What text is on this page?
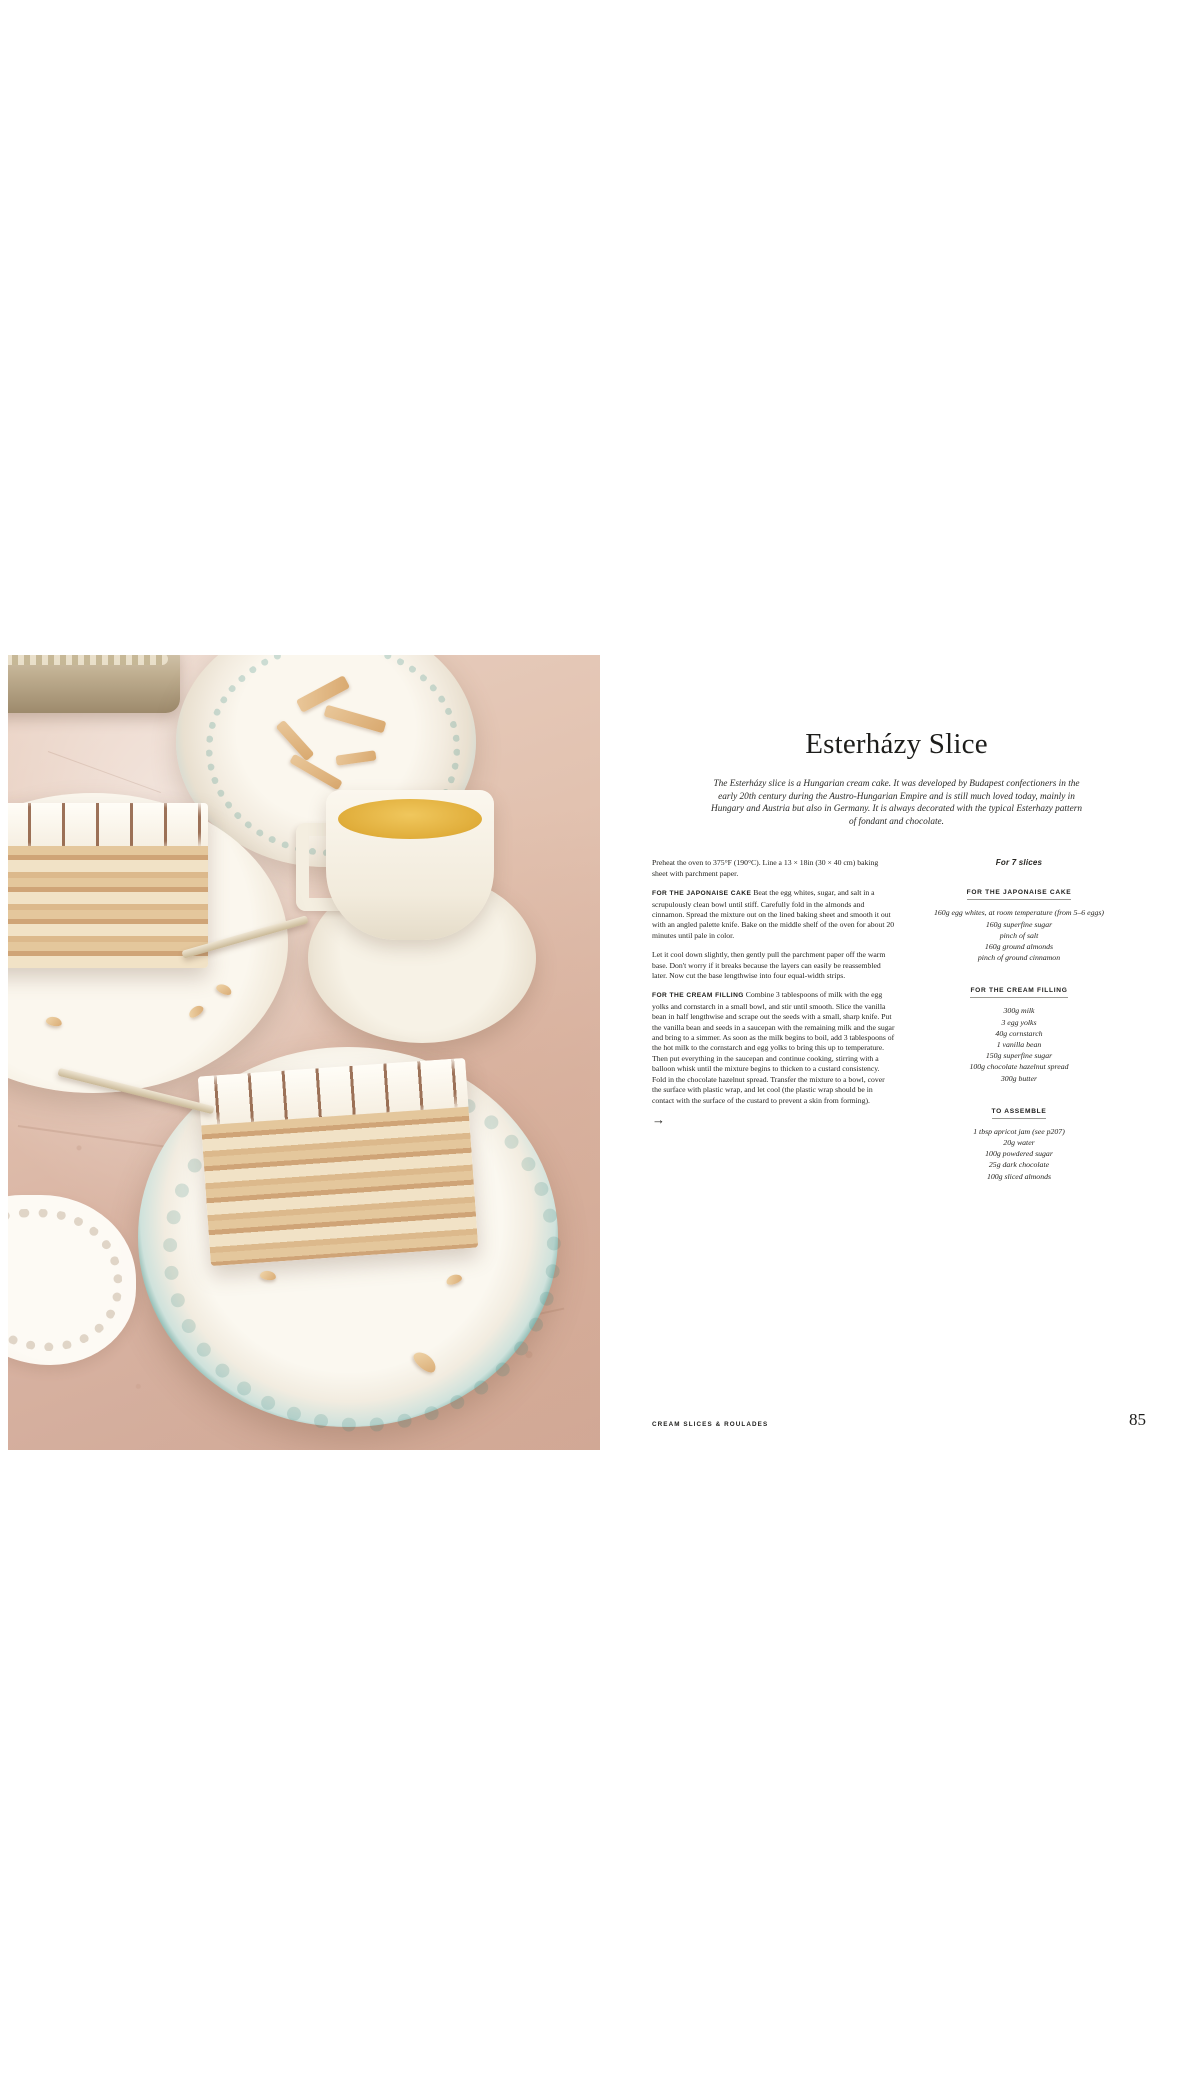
Esterházy Slice

The Esterházy slice is a Hungarian cream cake. It was developed by Budapest confectioners in the early 20th century during the Austro-Hungarian Empire and is still much loved today, mainly in Hungary and Austria but also in Germany. It is always decorated with the typical Esterhazy pattern of fondant and chocolate.

Preheat the oven to 375°F (190°C). Line a 13 × 18in (30 × 40 cm) baking sheet with parchment paper.

FOR THE JAPONAISE CAKE Beat the egg whites, sugar, and salt in a scrupulously clean bowl until stiff. Carefully fold in the almonds and cinnamon. Spread the mixture out on the lined baking sheet and smooth it out with an angled palette knife. Bake on the middle shelf of the oven for about 20 minutes until pale in color.

Let it cool down slightly, then gently pull the parchment paper off the warm base. Don't worry if it breaks because the layers can easily be reassembled later. Now cut the base lengthwise into four equal-width strips.

FOR THE CREAM FILLING Combine 3 tablespoons of milk with the egg yolks and cornstarch in a small bowl, and stir until smooth. Slice the vanilla bean in half lengthwise and scrape out the seeds with a small, sharp knife. Put the vanilla bean and seeds in a saucepan with the remaining milk and the sugar and bring to a simmer. As soon as the milk begins to boil, add 3 tablespoons of the hot milk to the cornstarch and egg yolks to bring this up to temperature. Then put everything in the saucepan and continue cooking, stirring with a balloon whisk until the mixture begins to thicken to a custard consistency. Fold in the chocolate hazelnut spread. Transfer the mixture to a bowl, cover the surface with plastic wrap, and let cool (the plastic wrap should be in contact with the surface of the custard to prevent a skin from forming).

→
For 7 slices
FOR THE JAPONAISE CAKE
160g egg whites, at room temperature (from 5–6 eggs)
160g superfine sugar
pinch of salt
160g ground almonds
pinch of ground cinnamon
FOR THE CREAM FILLING
300g milk
3 egg yolks
40g cornstarch
1 vanilla bean
150g superfine sugar
100g chocolate hazelnut spread
300g butter
TO ASSEMBLE
1 tbsp apricot jam (see p207)
20g water
100g powdered sugar
25g dark chocolate
100g sliced almonds
CREAM SLICES & ROULADES	85
